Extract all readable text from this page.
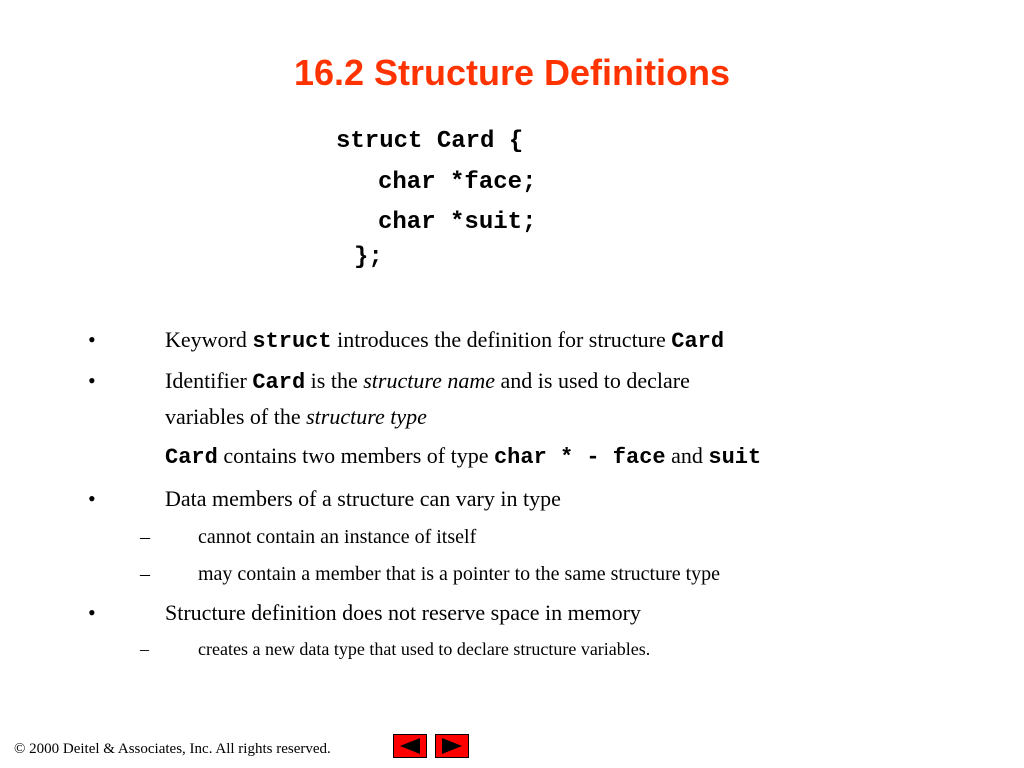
16.2 Structure Definitions
struct Card {
char *face;
char *suit;
};
•	Keyword struct introduces the definition for structure Card
•	Identifier Card is the structure name and is used to declare
variables of the structure type
Card contains two members of type char * - face and suit
•	Data members of a structure can vary in type
– cannot contain an instance of itself
– may contain a member that is a pointer to the same structure type
•	Structure definition does not reserve space in memory
–	creates a new data type that used to declare structure variables.
© 2000 Deitel & Associates, Inc. All rights reserved.
